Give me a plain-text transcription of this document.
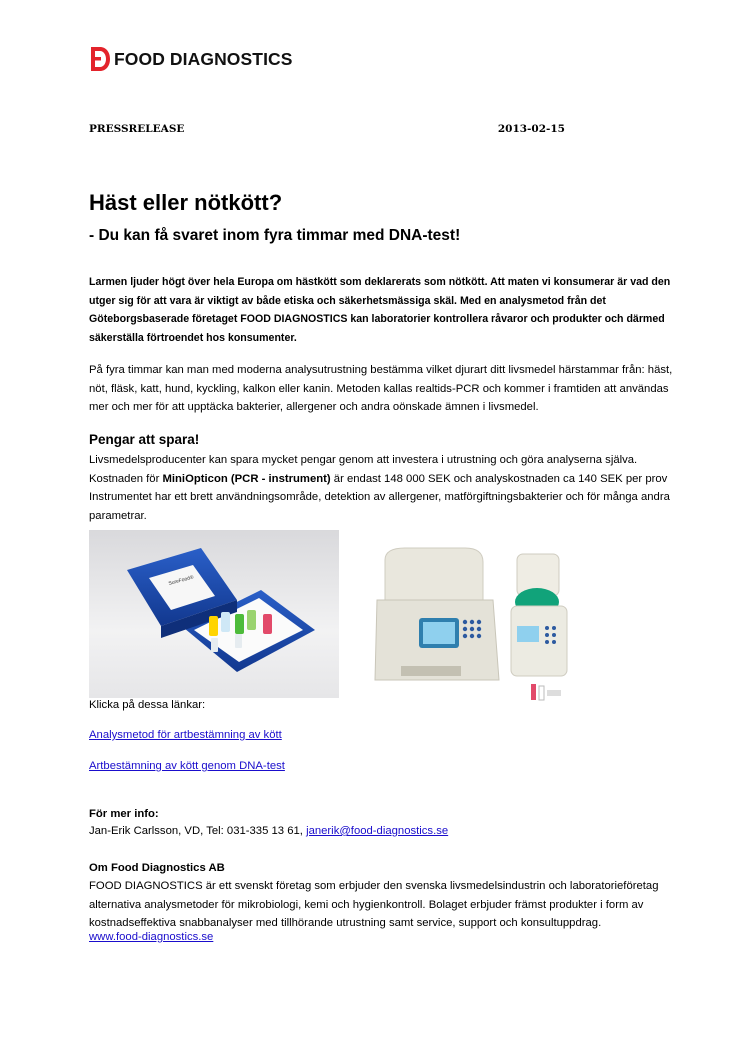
FOOD DIAGNOSTICS
PRESSRELEASE	2013-02-15
Häst eller nötkött?
- Du kan få svaret inom fyra timmar med DNA-test!
Larmen ljuder högt över hela Europa om hästkött som deklarerats som nötkött. Att maten vi konsumerar är vad den utger sig för att vara är viktigt av både etiska och säkerhetsmässiga skäl. Med en analysmetod från det Göteborgsbaserade företaget FOOD DIAGNOSTICS kan laboratorier kontrollera råvaror och produkter och därmed säkerställa förtroendet hos konsumenter.
På fyra timmar kan man med moderna analysutrustning bestämma vilket djurart ditt livsmedel härstammar från: häst, nöt, fläsk, katt, hund, kyckling, kalkon eller kanin. Metoden kallas realtids-PCR och kommer i framtiden att användas mer och mer för att upptäcka bakterier, allergener och andra oönskade ämnen i livsmedel.
Pengar att spara!
Livsmedelsproducenter kan spara mycket pengar genom att investera i utrustning och göra analyserna själva.
Kostnaden för MiniOpticon (PCR - instrument) är endast 148 000 SEK och analyskostnaden ca 140 SEK per prov
Instrumentet har ett brett användningsområde, detektion av allergener, matförgiftningsbakterier och för många andra parametrar.
SureFood®
Klicka på dessa länkar:
Analysmetod för artbestämning av kött
Artbestämning av kött genom DNA-test
För mer info:
Jan-Erik Carlsson, VD, Tel: 031-335 13 61, janerik@food-diagnostics.se
Om Food Diagnostics AB
FOOD DIAGNOSTICS är ett svenskt företag som erbjuder den svenska livsmedelsindustrin och laboratorieföretag alternativa analysmetoder för mikrobiologi, kemi och hygienkontroll. Bolaget erbjuder främst produkter i form av kostnadseffektiva snabbanalyser med tillhörande utrustning samt service, support och konsultuppdrag.
www.food-diagnostics.se
